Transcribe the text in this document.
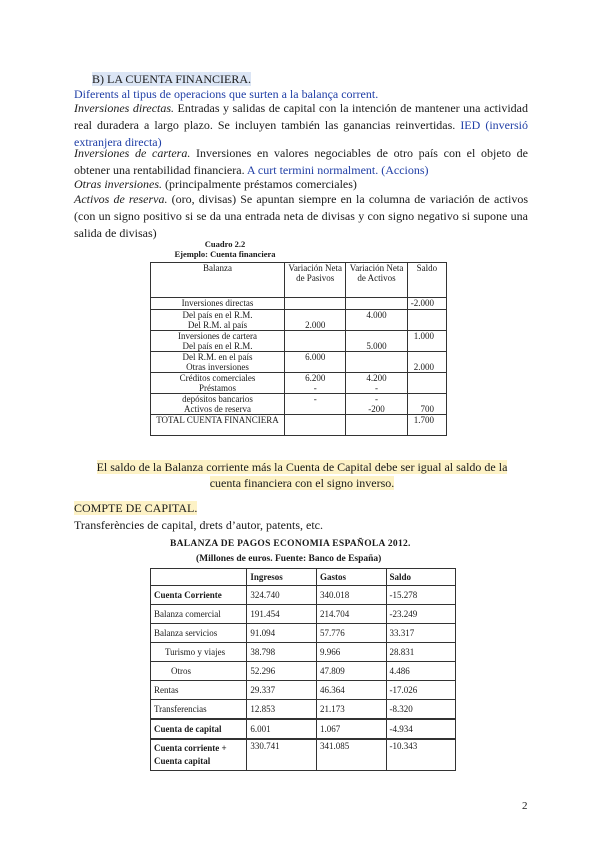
B) LA CUENTA FINANCIERA.
Diferents al tipus de operacions que surten a la balança corrent.
Inversiones directas. Entradas y salidas de capital con la intención de mantener una actividad real duradera a largo plazo. Se incluyen también las ganancias reinvertidas. IED (inversió extranjera directa)
Inversiones de cartera. Inversiones en valores negociables de otro país con el objeto de obtener una rentabilidad financiera. A curt termini normalment. (Accions)
Otras inversiones. (principalmente préstamos comerciales)
Activos de reserva. (oro, divisas) Se apuntan siempre en la columna de variación de activos (con un signo positivo si se da una entrada neta de divisas y con signo negativo si supone una salida de divisas)
Cuadro 2.2
Ejemplo: Cuenta financiera
Balanza	Variación Neta de Pasivos	Variación Neta de Activos	Saldo
Inversiones directas			-2.000
Del país en el R.M.		4.000	
Del R.M. al país	2.000		
Inversiones de cartera			1.000
Del país en el R.M.		5.000	
Del R.M. en el país	6.000		
Otras inversiones			2.000
Créditos comerciales	6.200	4.200	
Préstamos	-	-	
depósitos bancarios	-	-	
Activos de reserva		-200	700
TOTAL CUENTA FINANCIERA			1.700
El saldo de la Balanza corriente más la Cuenta de Capital debe ser igual al saldo de la cuenta financiera con el signo inverso.
COMPTE DE CAPITAL.
Transferències de capital, drets d’autor, patents, etc.
BALANZA DE PAGOS ECONOMIA ESPAÑOLA 2012.
(Millones de euros. Fuente: Banco de España)
	Ingresos	Gastos	Saldo
Cuenta Corriente	324.740	340.018	-15.278
Balanza comercial	191.454	214.704	-23.249
Balanza servicios	91.094	57.776	33.317
Turismo y viajes	38.798	9.966	28.831
Otros	52.296	47.809	4.486
Rentas	29.337	46.364	-17.026
Transferencias	12.853	21.173	-8.320
Cuenta de capital	6.001	1.067	-4.934
Cuenta corriente + Cuenta capital	330.741	341.085	-10.343
2
